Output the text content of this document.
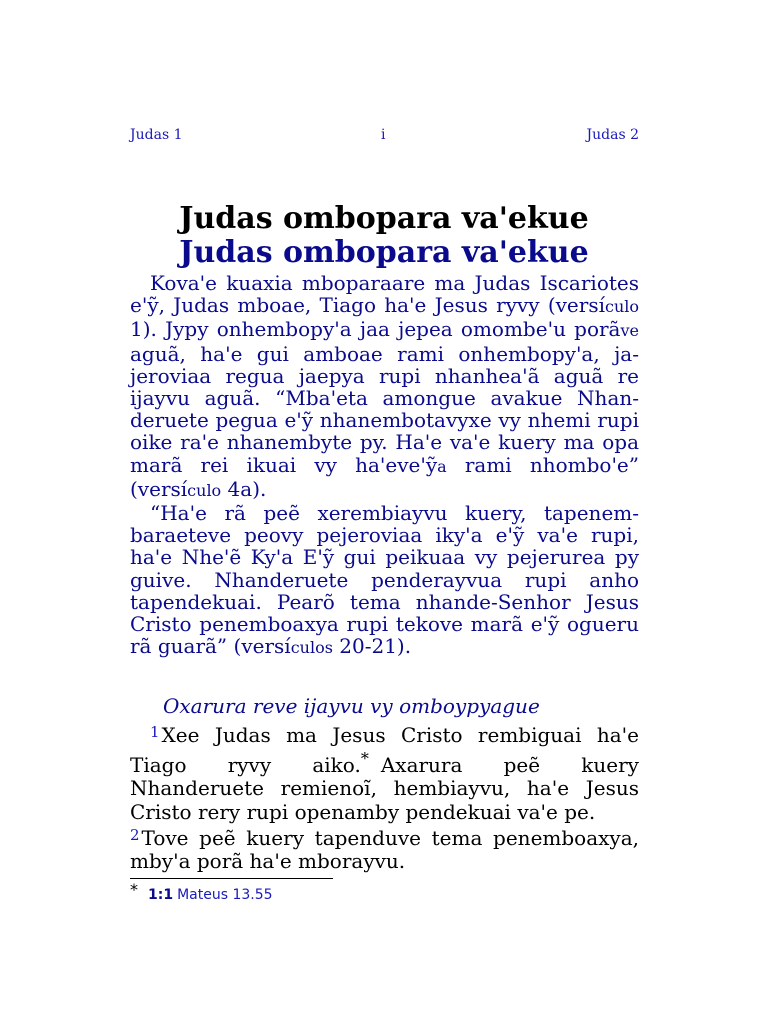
Judas 1	i	Judas 2
Judas ombopara va'ekue
Judas ombopara va'ekue

Kova'e kuaxia mboparaare ma Judas Iscariotes e'ỹ, Judas mboae, Tiago ha'e Jesus ryvy (versículo 1). Jypy onhembopy'a jaa jepea omombe'u porãve aguã, ha'e gui amboae rami onhembopy'a, ja-jeroviaa regua jaepya rupi nhanhea'ã aguã re ijayvu aguã. “Mba'eta amongue avakue Nhan-deruete pegua e'ỹ nhanembotavyxe vy nhemi rupi oike ra'e nhanembyte py. Ha'e va'e kuery ma opa marã rei ikuai vy ha'eve'ỹa rami nhombo'e” (versículo 4a).

“Ha'e rã peẽ xerembiayvu kuery, tapenem-baraeteve peovy pejeroviaa iky'a e'ỹ va'e rupi, ha'e Nhe'ẽ Ky'a E'ỹ gui peikuaa vy pejerurea py guive. Nhanderuete penderayvua rupi anho tapendekuai. Pearõ tema nhande-Senhor Jesus Cristo penemboaxya rupi tekove marã e'ỹ ogueru rã guarã” (versículos 20-21).

Oxarura reve ijayvu vy omboypyague

$^1$ Xee Judas ma Jesus Cristo rembiguai ha'e Tiago ryvy aiko.* Axarura peẽ kuery Nhanderuete remienoĩ, hembiayvu, ha'e Jesus Cristo rery rupi openamby pendekuai va'e pe.

$^2$ Tove peẽ kuery tapenduve tema penemboaxya, mby'a porã ha'e mborayvu.

* 1:1 Mateus 13.55
